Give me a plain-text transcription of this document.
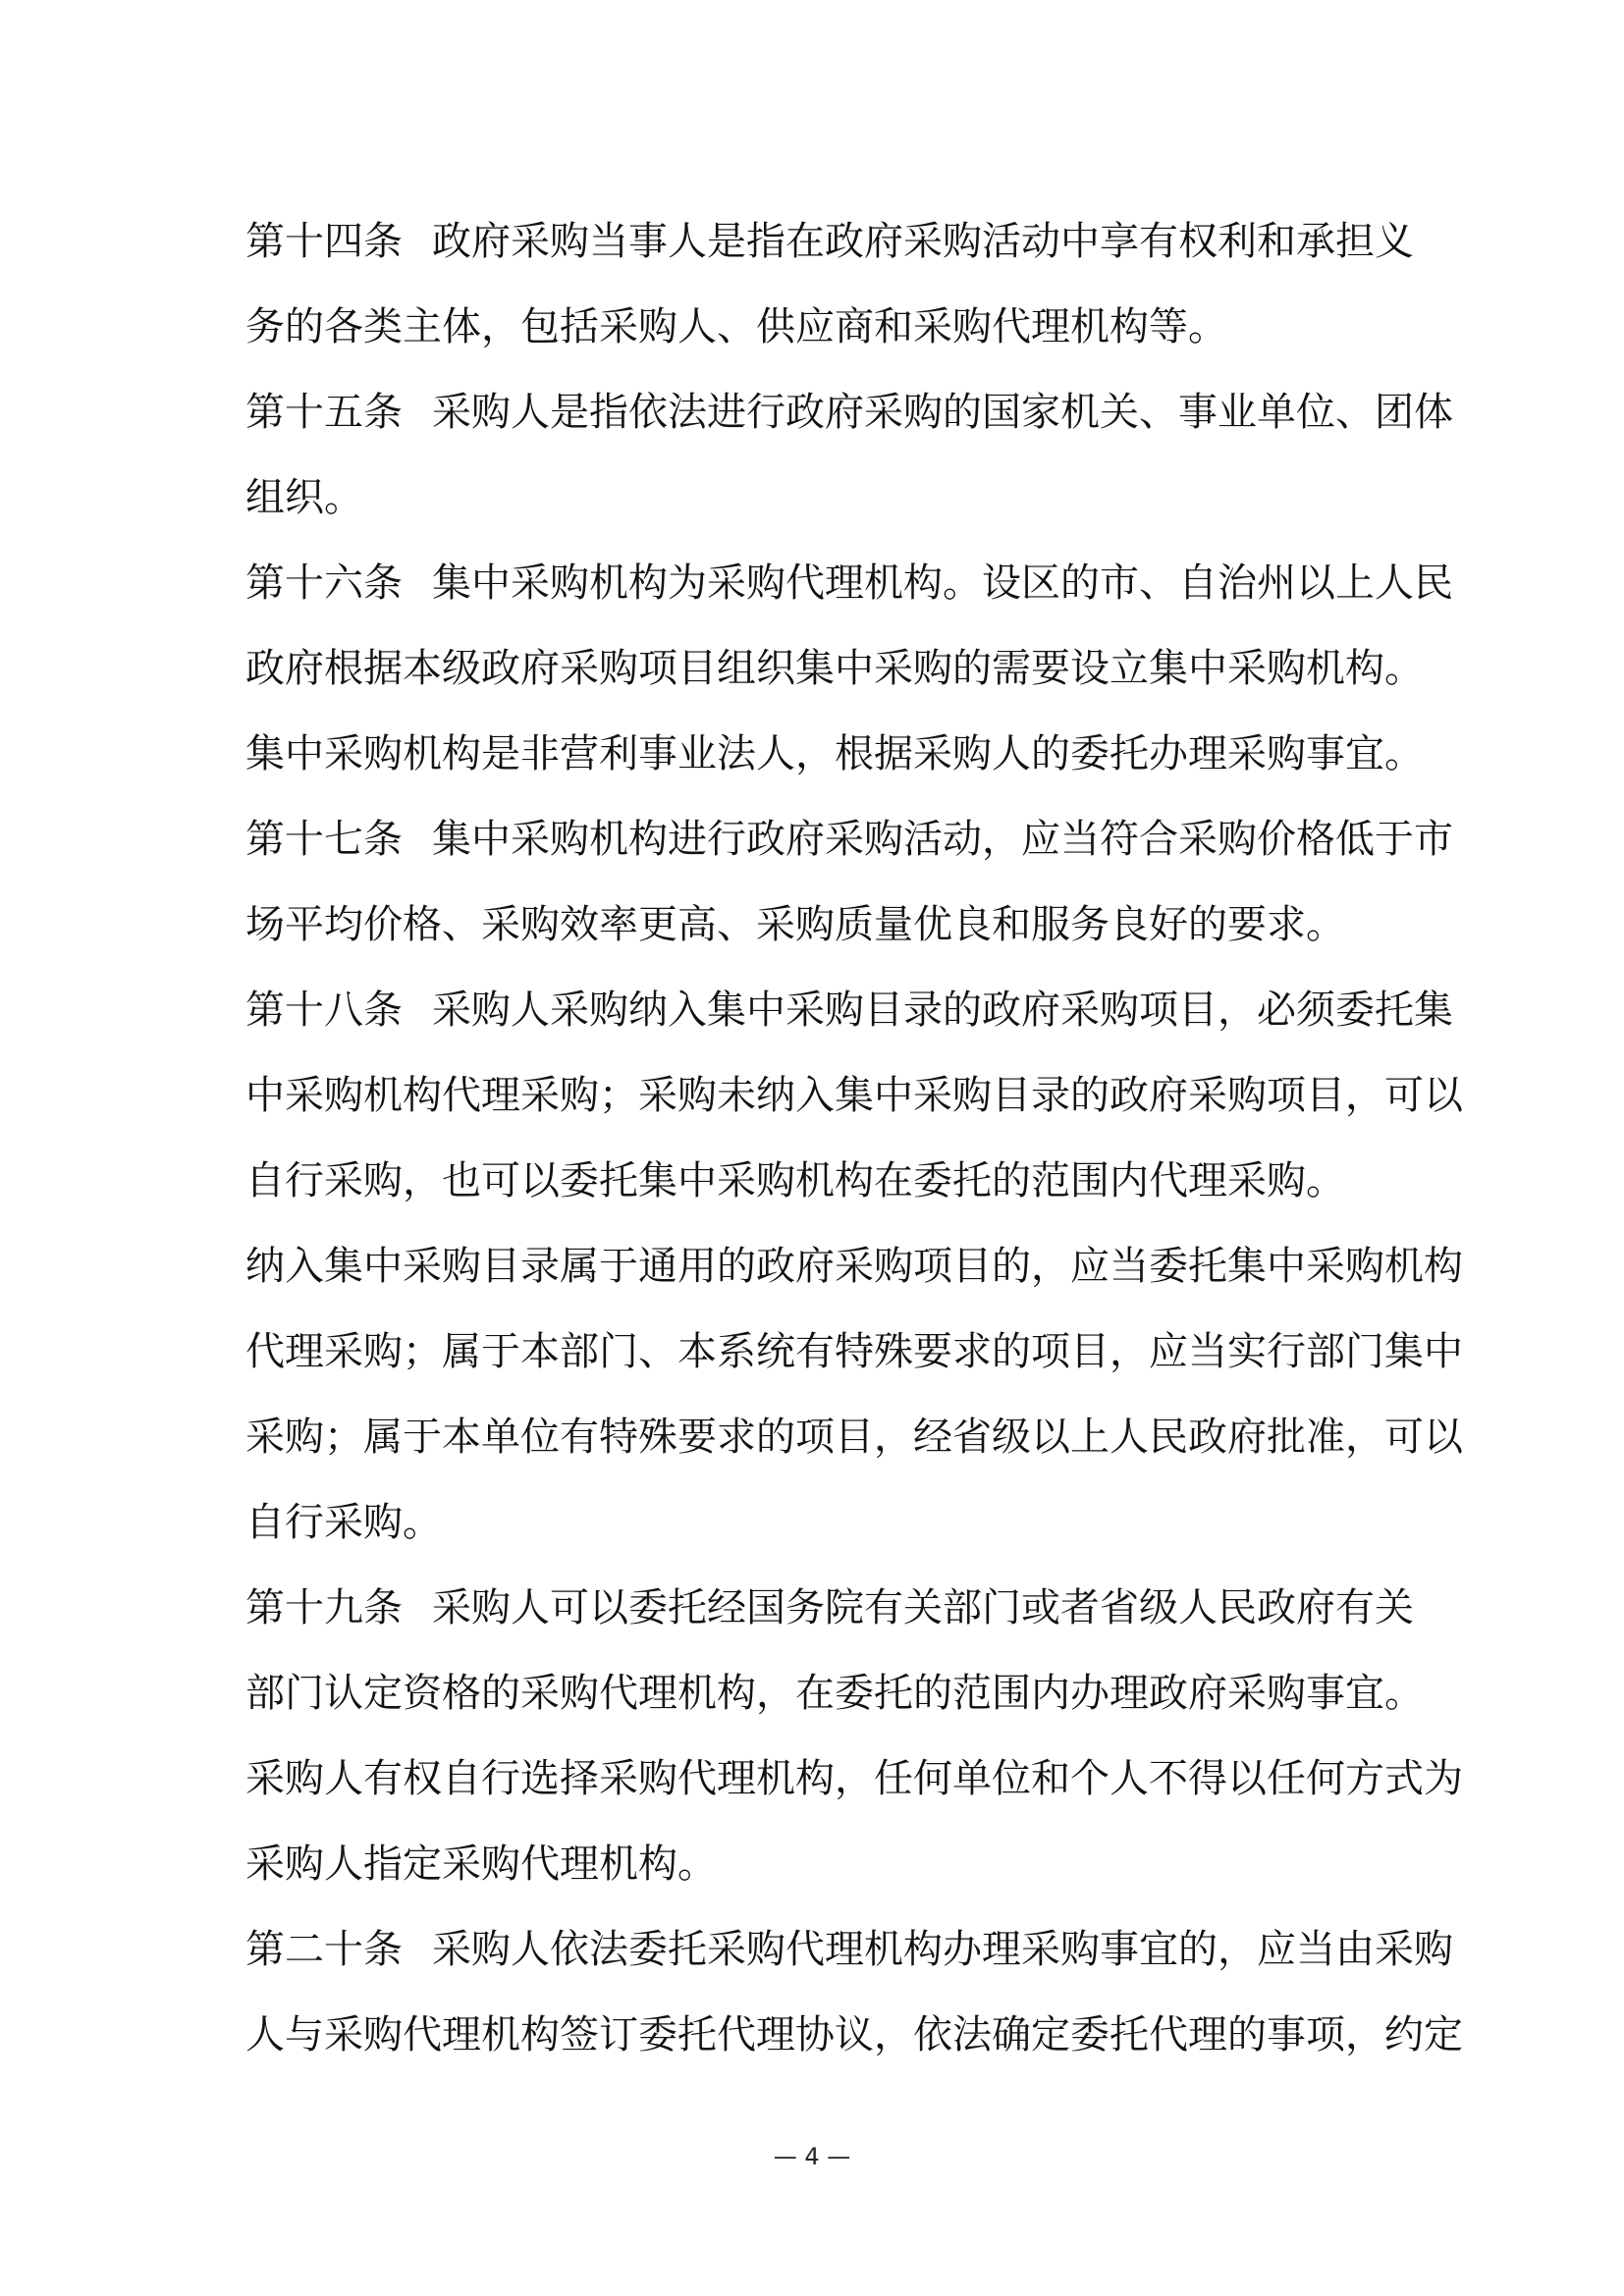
第十四条 政府采购当事人是指在政府采购活动中享有权利和承担义
务的各类主体，包括采购人、供应商和采购代理机构等。
第十五条 采购人是指依法进行政府采购的国家机关、事业单位、团体
组织。
第十六条 集中采购机构为采购代理机构。设区的市、自治州以上人民
政府根据本级政府采购项目组织集中采购的需要设立集中采购机构。
集中采购机构是非营利事业法人，根据采购人的委托办理采购事宜。
第十七条 集中采购机构进行政府采购活动，应当符合采购价格低于市
场平均价格、采购效率更高、采购质量优良和服务良好的要求。
第十八条 采购人采购纳入集中采购目录的政府采购项目，必须委托集
中采购机构代理采购；采购未纳入集中采购目录的政府采购项目，可以
自行采购，也可以委托集中采购机构在委托的范围内代理采购。
纳入集中采购目录属于通用的政府采购项目的，应当委托集中采购机构
代理采购；属于本部门、本系统有特殊要求的项目，应当实行部门集中
采购；属于本单位有特殊要求的项目，经省级以上人民政府批准，可以
自行采购。
第十九条 采购人可以委托经国务院有关部门或者省级人民政府有关
部门认定资格的采购代理机构，在委托的范围内办理政府采购事宜。
采购人有权自行选择采购代理机构，任何单位和个人不得以任何方式为
采购人指定采购代理机构。
第二十条 采购人依法委托采购代理机构办理采购事宜的，应当由采购
人与采购代理机构签订委托代理协议，依法确定委托代理的事项，约定
— 4 —
